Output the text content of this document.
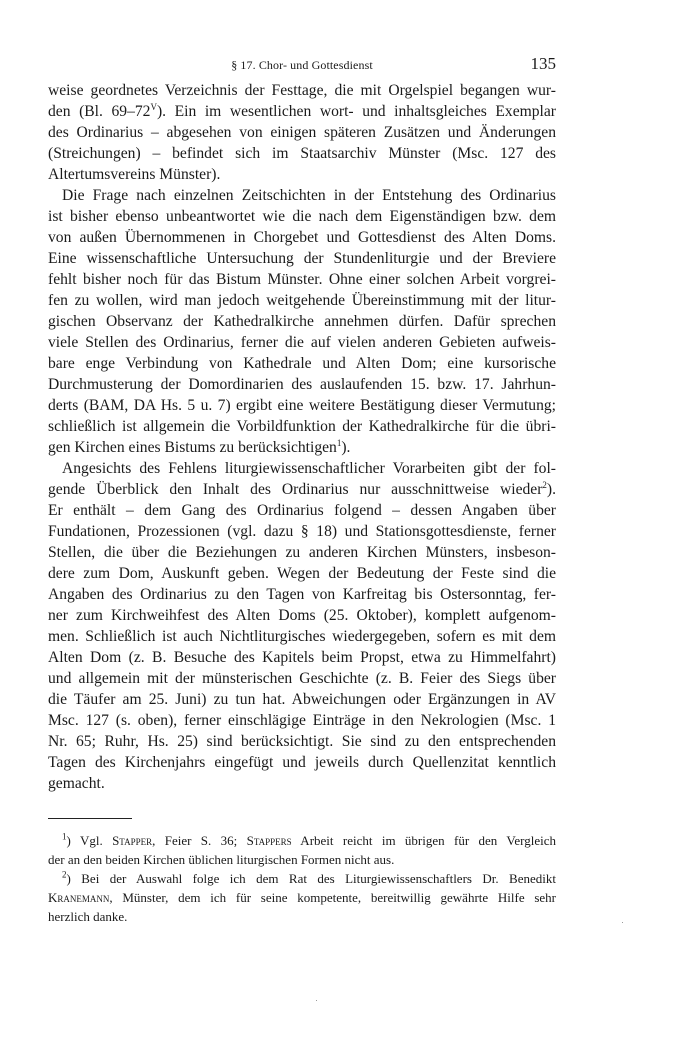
§ 17. Chor- und Gottesdienst	135
weise geordnetes Verzeichnis der Festtage, die mit Orgelspiel begangen wur-
den (Bl. $69-72^V$). Ein im wesentlichen wort- und inhaltsgleiches Exemplar
des Ordinarius – abgesehen von einigen späteren Zusätzen und Änderungen
(Streichungen) – befindet sich im Staatsarchiv Münster (Msc. 127 des
Altertumsvereins Münster).
Die Frage nach einzelnen Zeitschichten in der Entstehung des Ordinarius
ist bisher ebenso unbeantwortet wie die nach dem Eigenständigen bzw. dem
von außen Übernommenen in Chorgebet und Gottesdienst des Alten Doms.
Eine wissenschaftliche Untersuchung der Stundenliturgie und der Breviere
fehlt bisher noch für das Bistum Münster. Ohne einer solchen Arbeit vorgrei-
fen zu wollen, wird man jedoch weitgehende Übereinstimmung mit der litur-
gischen Observanz der Kathedralkirche annehmen dürfen. Dafür sprechen
viele Stellen des Ordinarius, ferner die auf vielen anderen Gebieten aufweis-
bare enge Verbindung von Kathedrale und Alten Dom; eine kursorische
Durchmusterung der Domordinarien des auslaufenden 15. bzw. 17. Jahrhun-
derts (BAM, DA Hs. 5 u. 7) ergibt eine weitere Bestätigung dieser Vermutung;
schließlich ist allgemein die Vorbildfunktion der Kathedralkirche für die übri-
gen Kirchen eines Bistums zu berücksichtigen$^1$).
Angesichts des Fehlens liturgiewissenschaftlicher Vorarbeiten gibt der fol-
gende Überblick den Inhalt des Ordinarius nur ausschnittweise wieder$^2$).
Er enthält – dem Gang des Ordinarius folgend – dessen Angaben über
Fundationen, Prozessionen (vgl. dazu § 18) und Stationsgottesdienste, ferner
Stellen, die über die Beziehungen zu anderen Kirchen Münsters, insbeson-
dere zum Dom, Auskunft geben. Wegen der Bedeutung der Feste sind die
Angaben des Ordinarius zu den Tagen von Karfreitag bis Ostersonntag, fer-
ner zum Kirchweihfest des Alten Doms (25. Oktober), komplett aufgenom-
men. Schließlich ist auch Nichtliturgisches wiedergegeben, sofern es mit dem
Alten Dom (z. B. Besuche des Kapitels beim Propst, etwa zu Himmelfahrt)
und allgemein mit der münsterischen Geschichte (z. B. Feier des Siegs über
die Täufer am 25. Juni) zu tun hat. Abweichungen oder Ergänzungen in AV
Msc. 127 (s. oben), ferner einschlägige Einträge in den Nekrologien (Msc. 1
Nr. 65; Ruhr, Hs. 25) sind berücksichtigt. Sie sind zu den entsprechenden
Tagen des Kirchenjahrs eingefügt und jeweils durch Quellenzitat kenntlich
gemacht.
$^1$) Vgl. Stapper, Feier S. 36; Stappers Arbeit reicht im übrigen für den Vergleich
der an den beiden Kirchen üblichen liturgischen Formen nicht aus.
$^2$) Bei der Auswahl folge ich dem Rat des Liturgiewissenschaftlers Dr. Benedikt
Kranemann, Münster, dem ich für seine kompetente, bereitwillig gewährte Hilfe sehr
herzlich danke.
